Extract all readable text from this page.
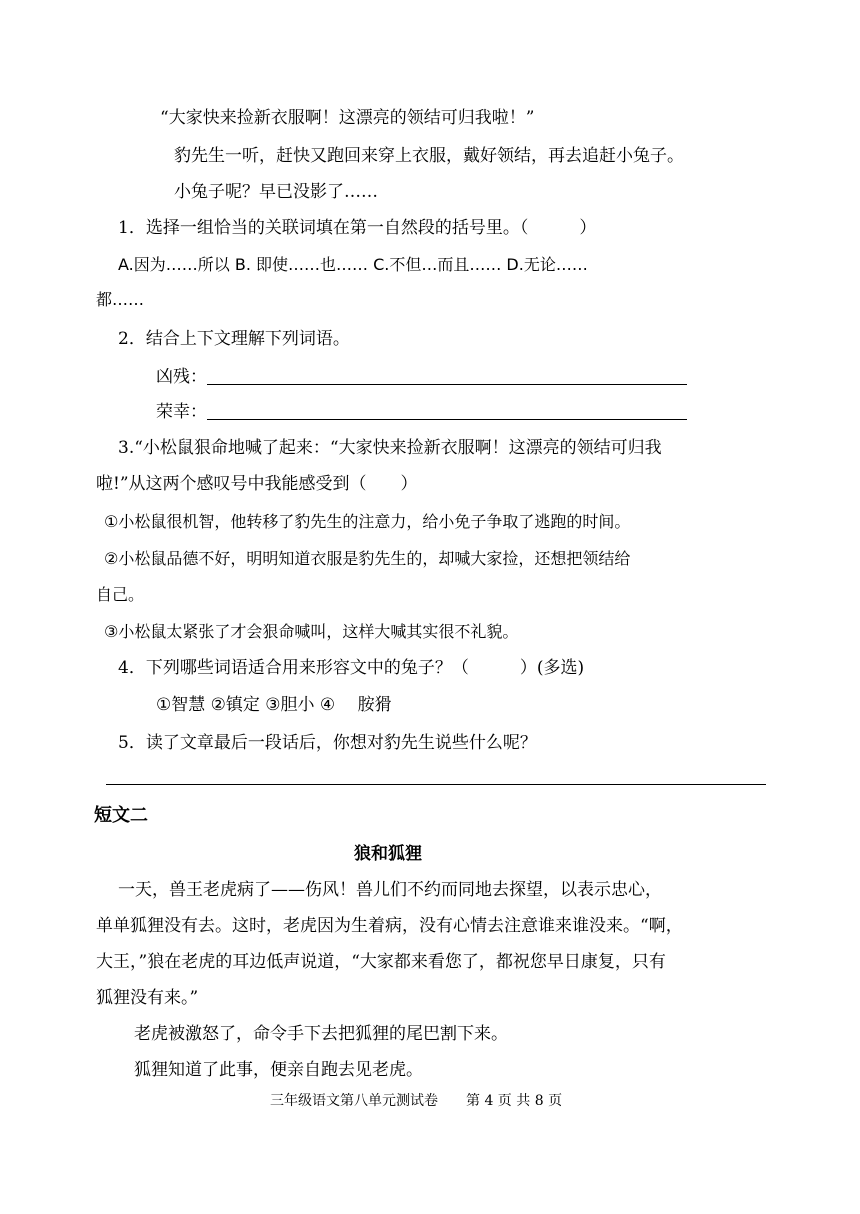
“大家快来捡新衣服啊！这漂亮的领结可归我啦！”
豹先生一听，赶快又跑回来穿上衣服，戴好领结，再去追赶小兔子。
小兔子呢？早已没影了……
1．选择一组恰当的关联词填在第一自然段的括号里。（　　　）
A.因为……所以 B. 即使……也…… C.不但…而且…… D.无论……
都……
2．结合上下文理解下列词语。
凶残：
荣幸：
3.“小松鼠狠命地喊了起来：“大家快来捡新衣服啊！这漂亮的领结可归我
啦!”从这两个感叹号中我能感受到（　　）
①小松鼠很机智，他转移了豹先生的注意力，给小免子争取了逃跑的时间。
②小松鼠品德不好，明明知道衣服是豹先生的，却喊大家捡，还想把领结给
自己。
③小松鼠太紧张了才会狠命喊叫，这样大喊其实很不礼貌。
4．下列哪些词语适合用来形容文中的兔子？（　　　）(多选)
①智慧 ②镇定 ③胆小 ④　 胺猾
5．读了文章最后一段话后，你想对豹先生说些什么呢？
短文二
狼和狐狸
一天，兽王老虎病了——伤风！兽儿们不约而同地去探望，以表示忠心，
单单狐狸没有去。这时，老虎因为生着病，没有心情去注意谁来谁没来。“啊，
大王，”狼在老虎的耳边低声说道，“大家都来看您了，都祝您早日康复，只有
狐狸没有来。”
老虎被激怒了，命令手下去把狐狸的尾巴割下来。
狐狸知道了此事，便亲自跑去见老虎。
三年级语文第八单元测试卷　　第 4 页 共 8 页
